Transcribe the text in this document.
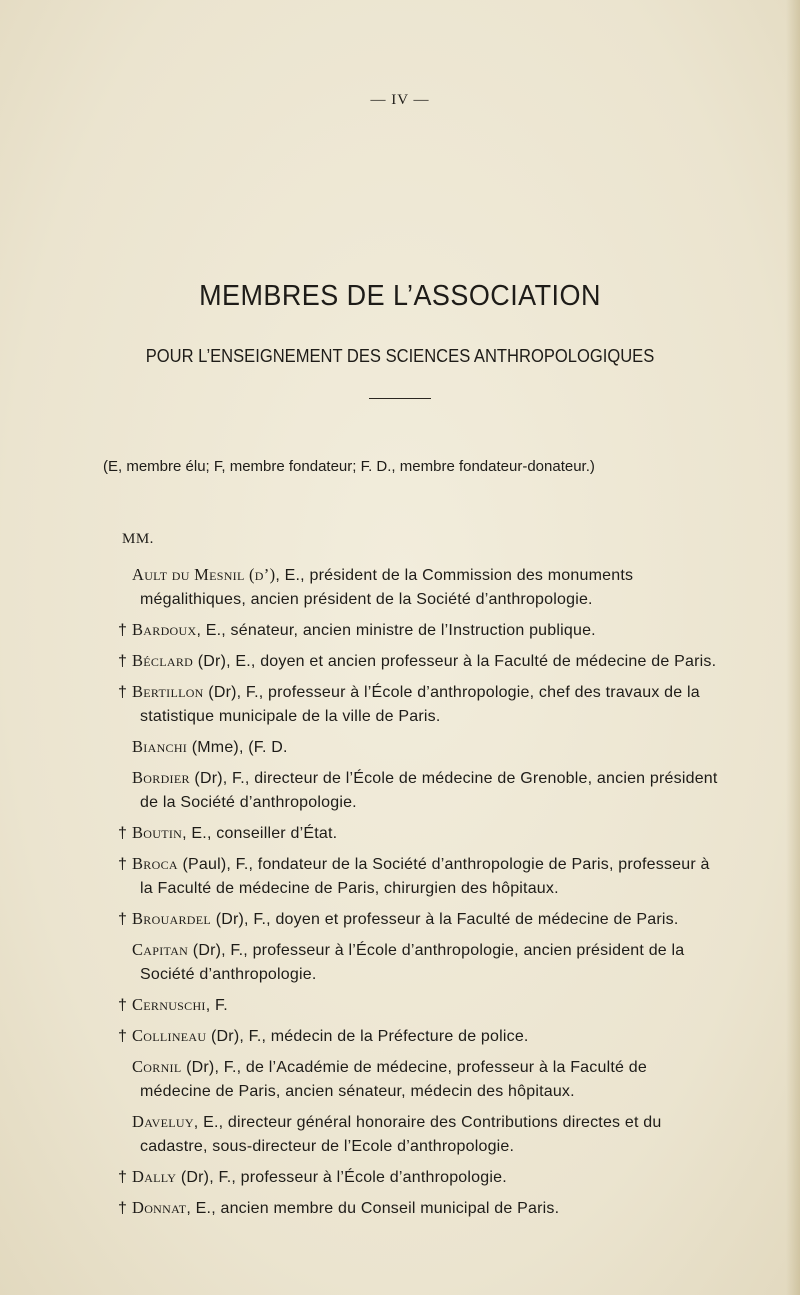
— IV —
MEMBRES DE L’ASSOCIATION
POUR L’ENSEIGNEMENT DES SCIENCES ANTHROPOLOGIQUES
(E, membre élu; F, membre fondateur; F. D., membre fondateur-donateur.)
MM.
Ault du Mesnil (d’), E., président de la Commission des monuments mégalithiques, ancien président de la Société d’anthropologie.
† Bardoux, E., sénateur, ancien ministre de l’Instruction publique.
† Béclard (Dr), E., doyen et ancien professeur à la Faculté de médecine de Paris.
† Bertillon (Dr), F., professeur à l’École d’anthropologie, chef des travaux de la statistique municipale de la ville de Paris.
Bianchi (Mme), (F. D.
Bordier (Dr), F., directeur de l’École de médecine de Grenoble, ancien président de la Société d’anthropologie.
† Boutin, E., conseiller d’État.
† Broca (Paul), F., fondateur de la Société d’anthropologie de Paris, professeur à la Faculté de médecine de Paris, chirurgien des hôpitaux.
† Brouardel (Dr), F., doyen et professeur à la Faculté de médecine de Paris.
Capitan (Dr), F., professeur à l’École d’anthropologie, ancien président de la Société d’anthropologie.
† Cernuschi, F.
† Collineau (Dr), F., médecin de la Préfecture de police.
Cornil (Dr), F., de l’Académie de médecine, professeur à la Faculté de médecine de Paris, ancien sénateur, médecin des hôpitaux.
Daveluy, E., directeur général honoraire des Contributions directes et du cadastre, sous-directeur de l’Ecole d’anthropologie.
† Dally (Dr), F., professeur à l’École d’anthropologie.
† Donnat, E., ancien membre du Conseil municipal de Paris.
